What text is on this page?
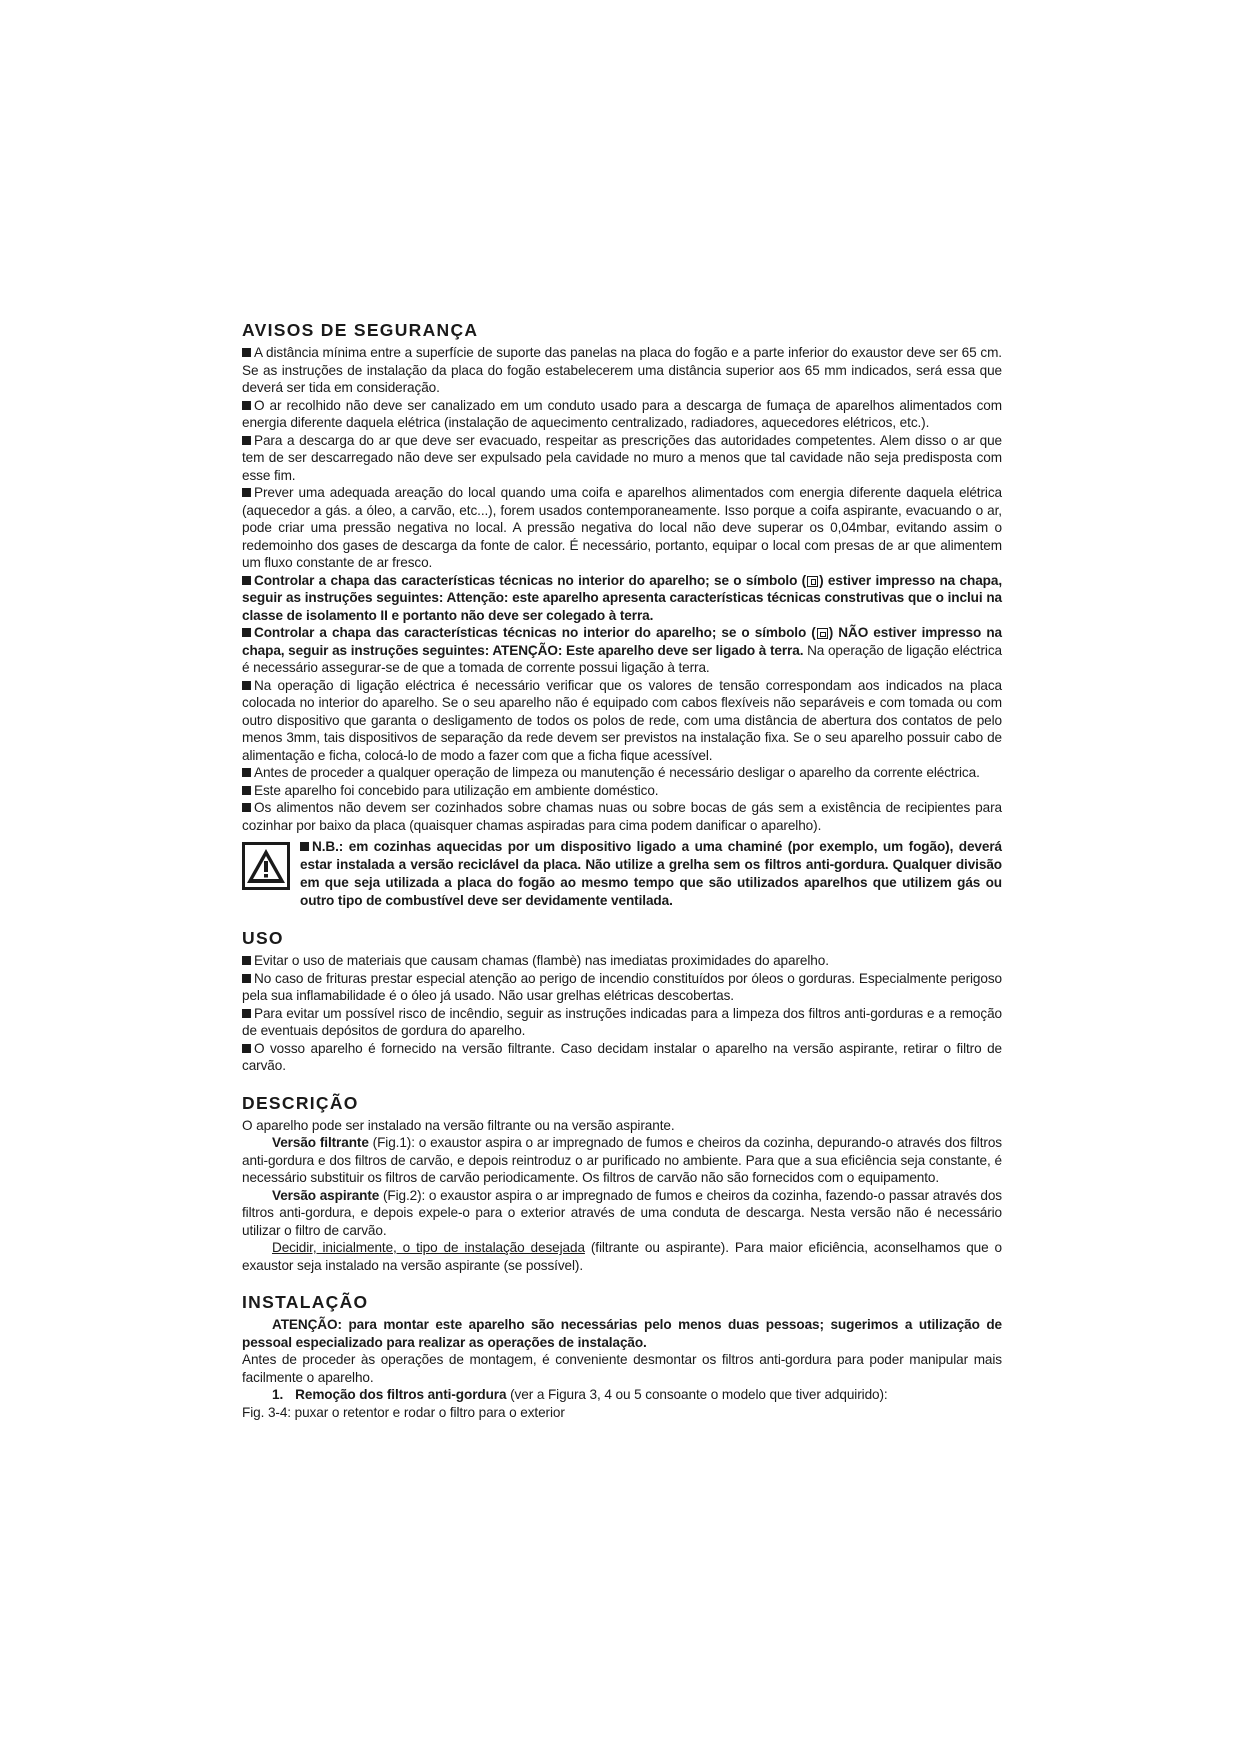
AVISOS DE SEGURANÇA

A distância mínima entre a superfície de suporte das panelas na placa do fogão e a parte inferior do exaustor deve ser 65 cm. Se as instruções de instalação da placa do fogão estabelecerem uma distância superior aos 65 mm indicados, será essa que deverá ser tida em consideração.

O ar recolhido não deve ser canalizado em um conduto usado para a descarga de fumaça de aparelhos alimentados com energia diferente daquela elétrica (instalação de aquecimento centralizado, radiadores, aquecedores elétricos, etc.).

Para a descarga do ar que deve ser evacuado, respeitar as prescrições das autoridades competentes. Alem disso o ar que tem de ser descarregado não deve ser expulsado pela cavidade no muro a menos que tal cavidade não seja predisposta com esse fim.

Prever uma adequada areação do local quando uma coifa e aparelhos alimentados com energia diferente daquela elétrica (aquecedor a gás. a óleo, a carvão, etc...), forem usados contemporaneamente. Isso porque a coifa aspirante, evacuando o ar, pode criar uma pressão negativa no local. A pressão negativa do local não deve superar os 0,04mbar, evitando assim o redemoinho dos gases de descarga da fonte de calor. É necessário, portanto, equipar o local com presas de ar que alimentem um fluxo constante de ar fresco.

Controlar a chapa das características técnicas no interior do aparelho; se o símbolo ( ) estiver impresso na chapa, seguir as instruções seguintes: Attenção: este aparelho apresenta características técnicas construtivas que o inclui na classe de isolamento II e portanto não deve ser colegado à terra.

Controlar a chapa das características técnicas no interior do aparelho; se o símbolo ( ) NÃO estiver impresso na chapa, seguir as instruções seguintes: ATENÇÃO: Este aparelho deve ser ligado à terra. Na operação de ligação eléctrica é necessário assegurar-se de que a tomada de corrente possui ligação à terra.

Na operação di ligação eléctrica é necessário verificar que os valores de tensão correspondam aos indicados na placa colocada no interior do aparelho. Se o seu aparelho não é equipado com cabos flexíveis não separáveis e com tomada ou com outro dispositivo que garanta o desligamento de todos os polos de rede, com uma distância de abertura dos contatos de pelo menos 3mm, tais dispositivos de separação da rede devem ser previstos na instalação fixa. Se o seu aparelho possuir cabo de alimentação e ficha, colocá-lo de modo a fazer com que a ficha fique acessível.

Antes de proceder a qualquer operação de limpeza ou manutenção é necessário desligar o aparelho da corrente eléctrica.

Este aparelho foi concebido para utilização em ambiente doméstico.

Os alimentos não devem ser cozinhados sobre chamas nuas ou sobre bocas de gás sem a existência de recipientes para cozinhar por baixo da placa (quaisquer chamas aspiradas para cima podem danificar o aparelho).

N.B.: em cozinhas aquecidas por um dispositivo ligado a uma chaminé (por exemplo, um fogão), deverá estar instalada a versão reciclável da placa. Não utilize a grelha sem os filtros anti-gordura. Qualquer divisão em que seja utilizada a placa do fogão ao mesmo tempo que são utilizados aparelhos que utilizem gás ou outro tipo de combustível deve ser devidamente ventilada.

USO

Evitar o uso de materiais que causam chamas (flambè) nas imediatas proximidades do aparelho.

No caso de frituras prestar especial atenção ao perigo de incendio constituídos por óleos o gorduras. Especialmente perigoso pela sua inflamabilidade é o óleo já usado. Não usar grelhas elétricas descobertas.

Para evitar um possível risco de incêndio, seguir as instruções indicadas para a limpeza dos filtros anti-gorduras e a remoção de eventuais depósitos de gordura do aparelho.

O vosso aparelho é fornecido na versão filtrante. Caso decidam instalar o aparelho na versão aspirante, retirar o filtro de carvão.

DESCRIÇÃO

O aparelho pode ser instalado na versão filtrante ou na versão aspirante.

Versão filtrante (Fig.1): o exaustor aspira o ar impregnado de fumos e cheiros da cozinha, depurando-o através dos filtros anti-gordura e dos filtros de carvão, e depois reintroduz o ar purificado no ambiente. Para que a sua eficiência seja constante, é necessário substituir os filtros de carvão periodicamente. Os filtros de carvão não são fornecidos com o equipamento.

Versão aspirante (Fig.2): o exaustor aspira o ar impregnado de fumos e cheiros da cozinha, fazendo-o passar através dos filtros anti-gordura, e depois expele-o para o exterior através de uma conduta de descarga. Nesta versão não é necessário utilizar o filtro de carvão.

Decidir, inicialmente, o tipo de instalação desejada (filtrante ou aspirante). Para maior eficiência, aconselhamos que o exaustor seja instalado na versão aspirante (se possível).

INSTALAÇÃO

ATENÇÃO: para montar este aparelho são necessárias pelo menos duas pessoas; sugerimos a utilização de pessoal especializado para realizar as operações de instalação.

Antes de proceder às operações de montagem, é conveniente desmontar os filtros anti-gordura para poder manipular mais facilmente o aparelho.

1. Remoção dos filtros anti-gordura (ver a Figura 3, 4 ou 5 consoante o modelo que tiver adquirido):

Fig. 3-4: puxar o retentor e rodar o filtro para o exterior
